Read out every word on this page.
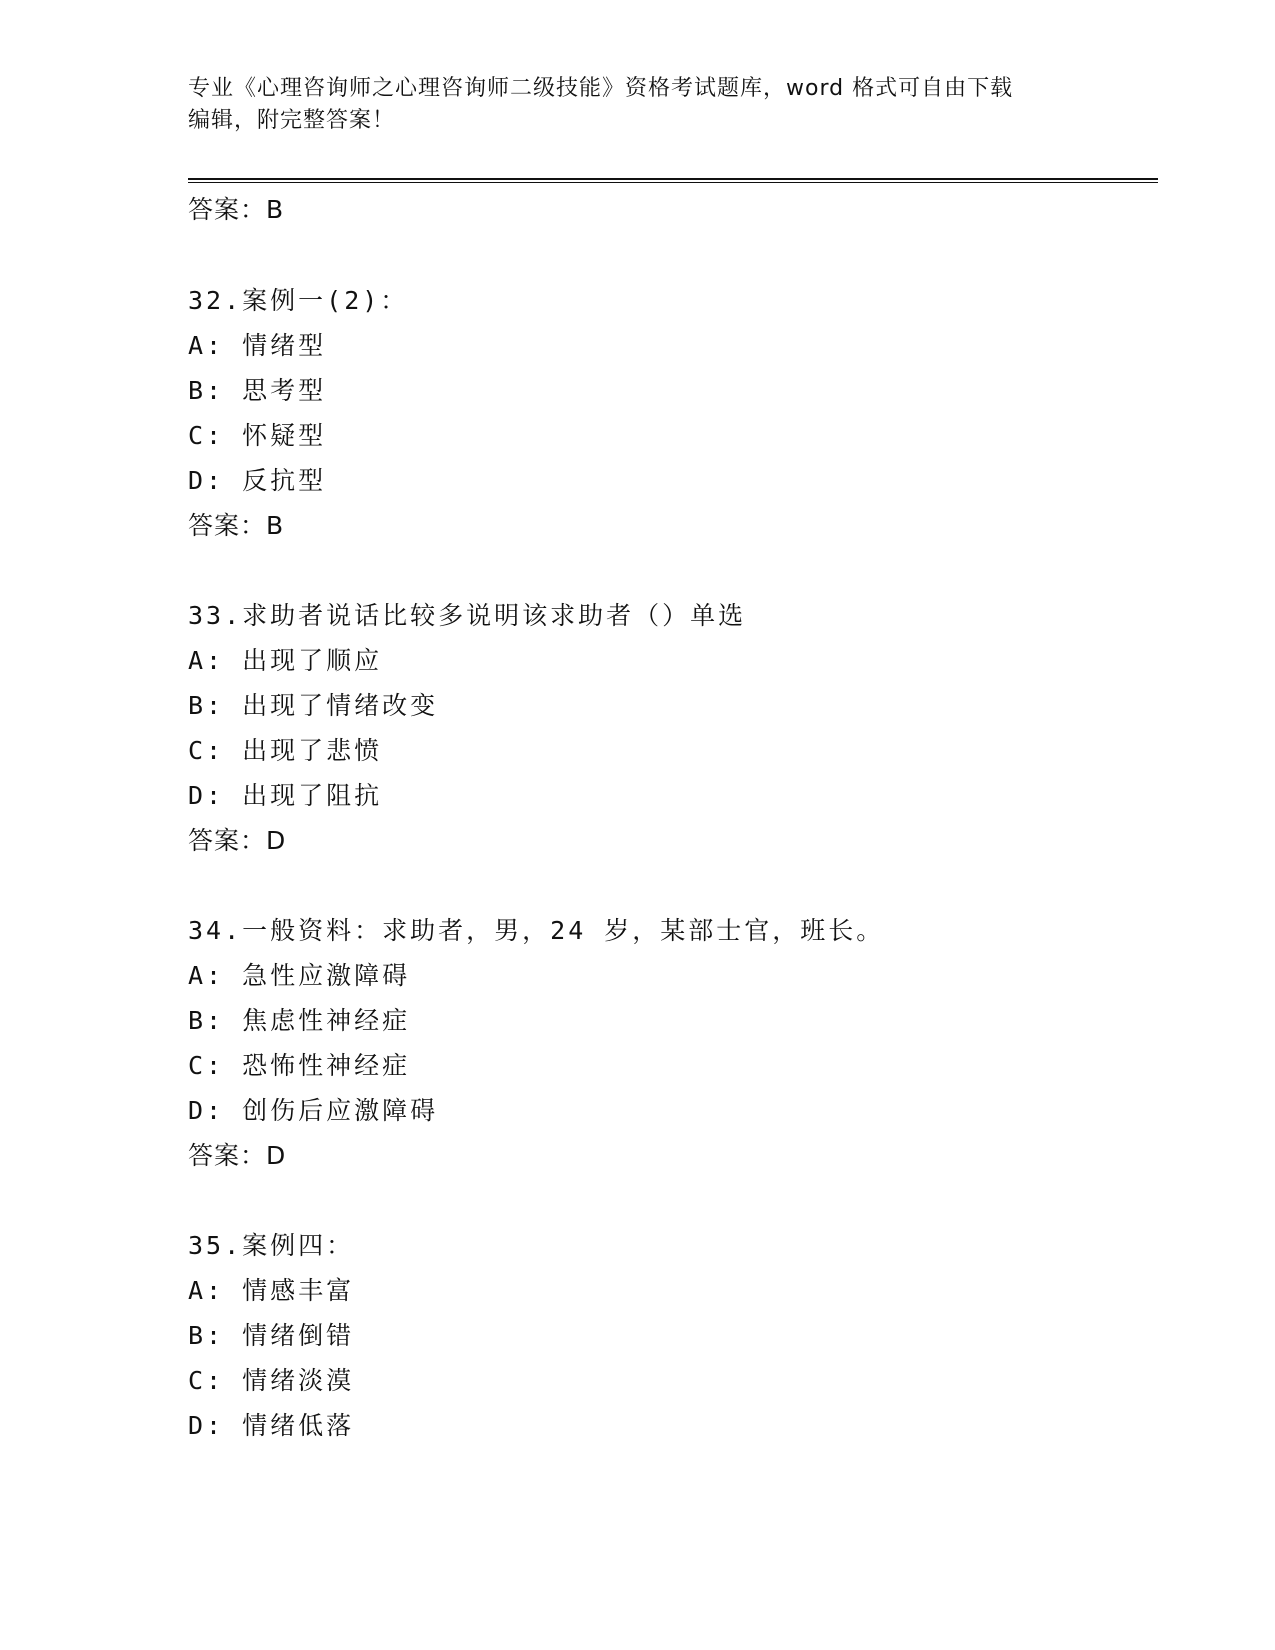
专业《心理咨询师之心理咨询师二级技能》资格考试题库，word 格式可自由下载
编辑，附完整答案！
答案：B
32.案例一(2)：
A: 情绪型
B: 思考型
C: 怀疑型
D: 反抗型
答案：B
33.求助者说话比较多说明该求助者（）单选
A: 出现了顺应
B: 出现了情绪改变
C: 出现了悲愤
D: 出现了阻抗
答案：D
34.一般资料：求助者，男，24 岁，某部士官，班长。
A: 急性应激障碍
B: 焦虑性神经症
C: 恐怖性神经症
D: 创伤后应激障碍
答案：D
35.案例四：
A: 情感丰富
B: 情绪倒错
C: 情绪淡漠
D: 情绪低落
